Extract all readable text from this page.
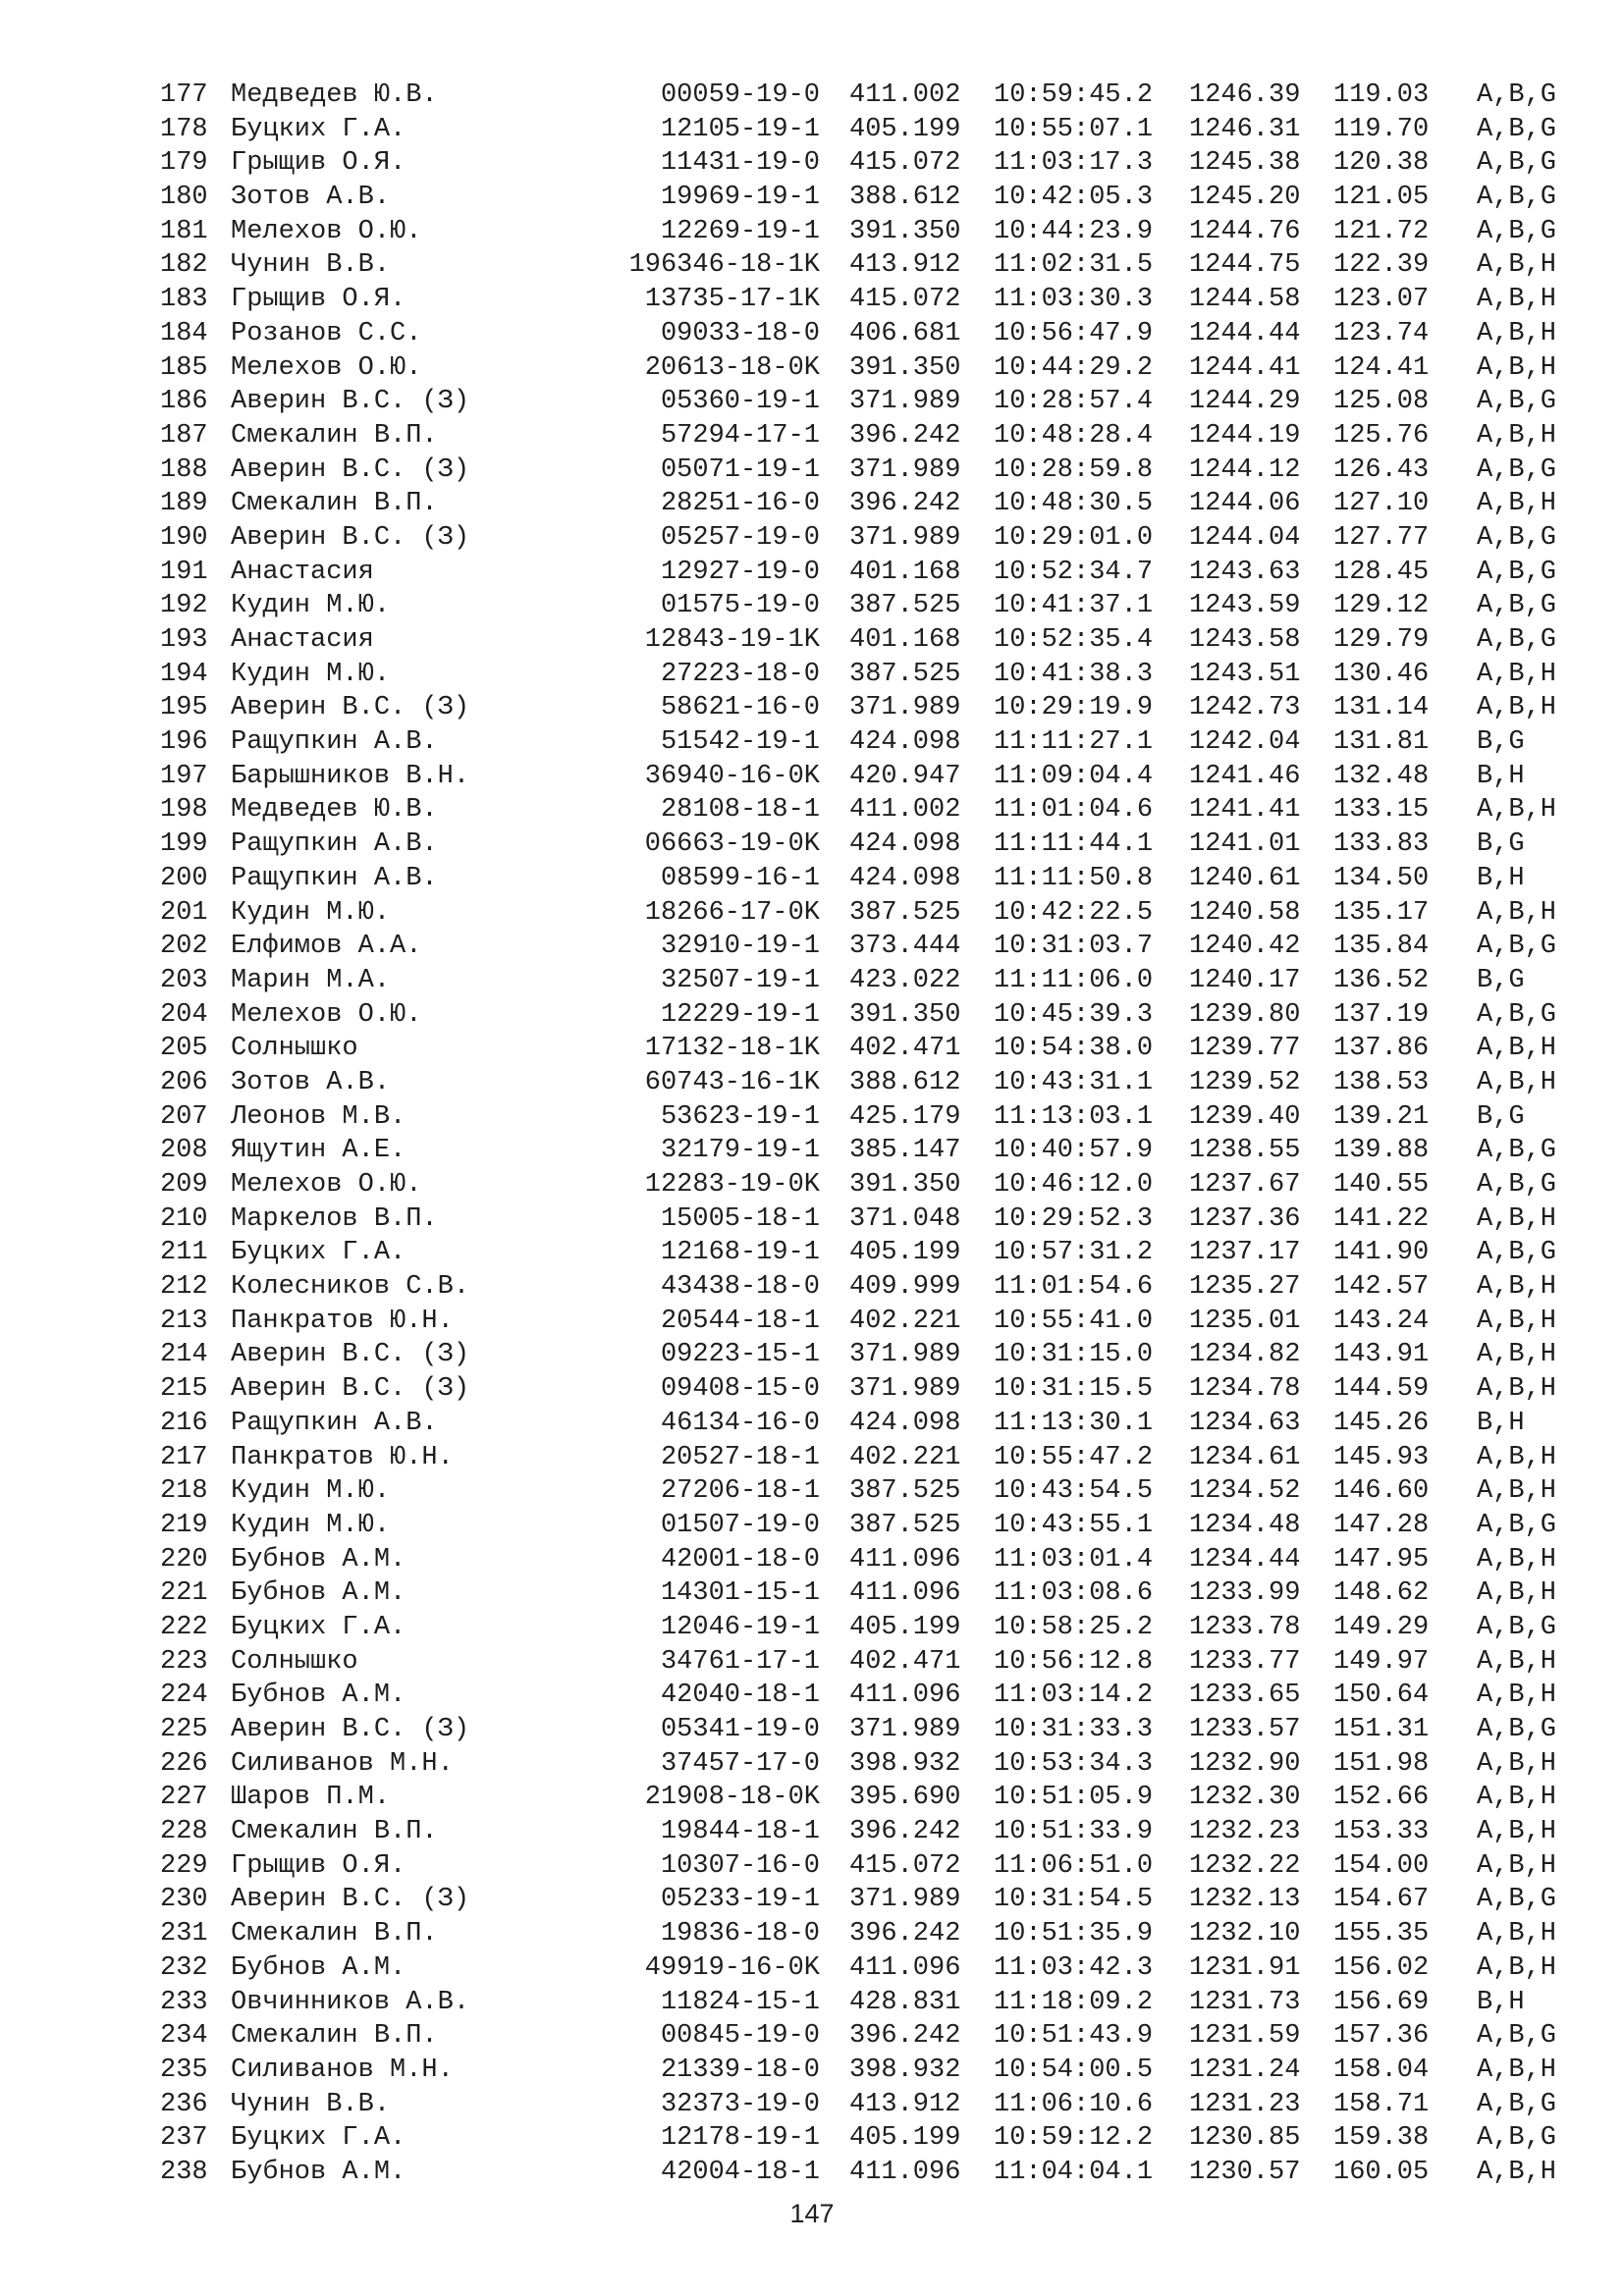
177 Медведев Ю.В.	00059-19-0 411.002 10:59:45.2 1246.39 119.03 A,B,G
178 Буцких Г.А.	12105-19-1 405.199 10:55:07.1 1246.31 119.70 A,B,G
179 Грыщив О.Я.	11431-19-0 415.072 11:03:17.3 1245.38 120.38 A,B,G
180 Зотов А.В.	19969-19-1 388.612 10:42:05.3 1245.20 121.05 A,B,G
181 Мелехов О.Ю.	12269-19-1 391.350 10:44:23.9 1244.76 121.72 A,B,G
182 Чунин В.В.	196346-18-1K 413.912 11:02:31.5 1244.75 122.39 A,B,H
183 Грыщив О.Я.	13735-17-1K 415.072 11:03:30.3 1244.58 123.07 A,B,H
184 Розанов С.С.	09033-18-0 406.681 10:56:47.9 1244.44 123.74 A,B,H
185 Мелехов О.Ю.	20613-18-0K 391.350 10:44:29.2 1244.41 124.41 A,B,H
186 Аверин В.С. (З)	05360-19-1 371.989 10:28:57.4 1244.29 125.08 A,B,G
187 Смекалин В.П.	57294-17-1 396.242 10:48:28.4 1244.19 125.76 A,B,H
188 Аверин В.С. (З)	05071-19-1 371.989 10:28:59.8 1244.12 126.43 A,B,G
189 Смекалин В.П.	28251-16-0 396.242 10:48:30.5 1244.06 127.10 A,B,H
190 Аверин В.С. (З)	05257-19-0 371.989 10:29:01.0 1244.04 127.77 A,B,G
191 Анастасия	12927-19-0 401.168 10:52:34.7 1243.63 128.45 A,B,G
192 Кудин М.Ю.	01575-19-0 387.525 10:41:37.1 1243.59 129.12 A,B,G
193 Анастасия	12843-19-1K 401.168 10:52:35.4 1243.58 129.79 A,B,G
194 Кудин М.Ю.	27223-18-0 387.525 10:41:38.3 1243.51 130.46 A,B,H
195 Аверин В.С. (З)	58621-16-0 371.989 10:29:19.9 1242.73 131.14 A,B,H
196 Ращупкин А.В.	51542-19-1 424.098 11:11:27.1 1242.04 131.81 B,G
197 Барышников В.Н.	36940-16-0K 420.947 11:09:04.4 1241.46 132.48 B,H
198 Медведев Ю.В.	28108-18-1 411.002 11:01:04.6 1241.41 133.15 A,B,H
199 Ращупкин А.В.	06663-19-0K 424.098 11:11:44.1 1241.01 133.83 B,G
200 Ращупкин А.В.	08599-16-1 424.098 11:11:50.8 1240.61 134.50 B,H
201 Кудин М.Ю.	18266-17-0K 387.525 10:42:22.5 1240.58 135.17 A,B,H
202 Елфимов А.А.	32910-19-1 373.444 10:31:03.7 1240.42 135.84 A,B,G
203 Марин М.А.	32507-19-1 423.022 11:11:06.0 1240.17 136.52 B,G
204 Мелехов О.Ю.	12229-19-1 391.350 10:45:39.3 1239.80 137.19 A,B,G
205 Солнышко	17132-18-1K 402.471 10:54:38.0 1239.77 137.86 A,B,H
206 Зотов А.В.	60743-16-1K 388.612 10:43:31.1 1239.52 138.53 A,B,H
207 Леонов М.В.	53623-19-1 425.179 11:13:03.1 1239.40 139.21 B,G
208 Ящутин А.Е.	32179-19-1 385.147 10:40:57.9 1238.55 139.88 A,B,G
209 Мелехов О.Ю.	12283-19-0K 391.350 10:46:12.0 1237.67 140.55 A,B,G
210 Маркелов В.П.	15005-18-1 371.048 10:29:52.3 1237.36 141.22 A,B,H
211 Буцких Г.А.	12168-19-1 405.199 10:57:31.2 1237.17 141.90 A,B,G
212 Колесников С.В.	43438-18-0 409.999 11:01:54.6 1235.27 142.57 A,B,H
213 Панкратов Ю.Н.	20544-18-1 402.221 10:55:41.0 1235.01 143.24 A,B,H
214 Аверин В.С. (З)	09223-15-1 371.989 10:31:15.0 1234.82 143.91 A,B,H
215 Аверин В.С. (З)	09408-15-0 371.989 10:31:15.5 1234.78 144.59 A,B,H
216 Ращупкин А.В.	46134-16-0 424.098 11:13:30.1 1234.63 145.26 B,H
217 Панкратов Ю.Н.	20527-18-1 402.221 10:55:47.2 1234.61 145.93 A,B,H
218 Кудин М.Ю.	27206-18-1 387.525 10:43:54.5 1234.52 146.60 A,B,H
219 Кудин М.Ю.	01507-19-0 387.525 10:43:55.1 1234.48 147.28 A,B,G
220 Бубнов А.М.	42001-18-0 411.096 11:03:01.4 1234.44 147.95 A,B,H
221 Бубнов А.М.	14301-15-1 411.096 11:03:08.6 1233.99 148.62 A,B,H
222 Буцких Г.А.	12046-19-1 405.199 10:58:25.2 1233.78 149.29 A,B,G
223 Солнышко	34761-17-1 402.471 10:56:12.8 1233.77 149.97 A,B,H
224 Бубнов А.М.	42040-18-1 411.096 11:03:14.2 1233.65 150.64 A,B,H
225 Аверин В.С. (З)	05341-19-0 371.989 10:31:33.3 1233.57 151.31 A,B,G
226 Силиванов М.Н.	37457-17-0 398.932 10:53:34.3 1232.90 151.98 A,B,H
227 Шаров П.М.	21908-18-0K 395.690 10:51:05.9 1232.30 152.66 A,B,H
228 Смекалин В.П.	19844-18-1 396.242 10:51:33.9 1232.23 153.33 A,B,H
229 Грыщив О.Я.	10307-16-0 415.072 11:06:51.0 1232.22 154.00 A,B,H
230 Аверин В.С. (З)	05233-19-1 371.989 10:31:54.5 1232.13 154.67 A,B,G
231 Смекалин В.П.	19836-18-0 396.242 10:51:35.9 1232.10 155.35 A,B,H
232 Бубнов А.М.	49919-16-0K 411.096 11:03:42.3 1231.91 156.02 A,B,H
233 Овчинников А.В.	11824-15-1 428.831 11:18:09.2 1231.73 156.69 B,H
234 Смекалин В.П.	00845-19-0 396.242 10:51:43.9 1231.59 157.36 A,B,G
235 Силиванов М.Н.	21339-18-0 398.932 10:54:00.5 1231.24 158.04 A,B,H
236 Чунин В.В.	32373-19-0 413.912 11:06:10.6 1231.23 158.71 A,B,G
237 Буцких Г.А.	12178-19-1 405.199 10:59:12.2 1230.85 159.38 A,B,G
238 Бубнов А.М.	42004-18-1 411.096 11:04:04.1 1230.57 160.05 A,B,H
147
